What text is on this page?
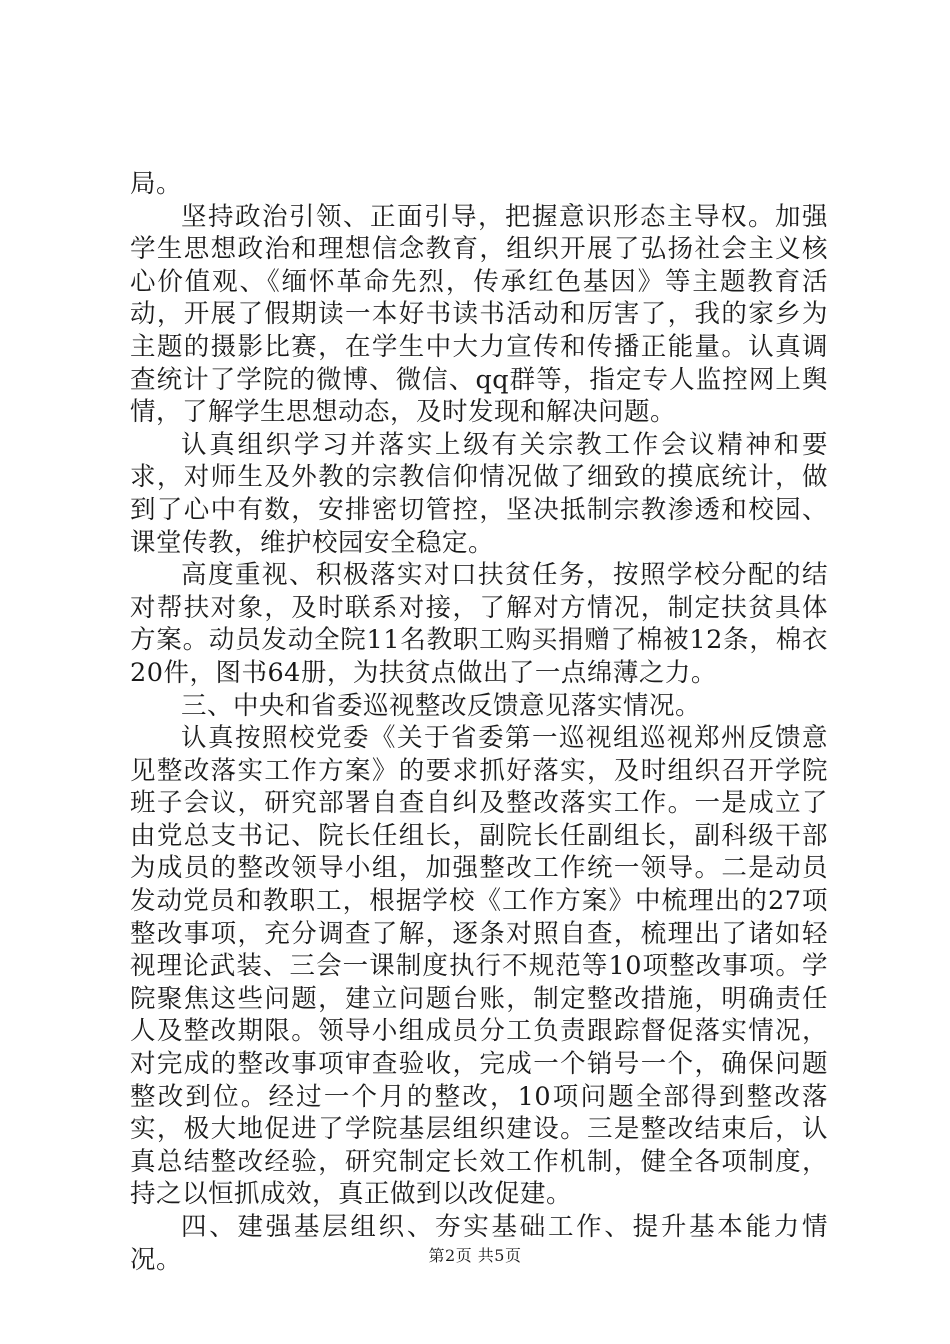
局。

坚持政治引领、正面引导，把握意识形态主导权。加强学生思想政治和理想信念教育，组织开展了弘扬社会主义核心价值观、《缅怀革命先烈，传承红色基因》等主题教育活动，开展了假期读一本好书读书活动和厉害了，我的家乡为主题的摄影比赛，在学生中大力宣传和传播正能量。认真调查统计了学院的微博、微信、qq群等，指定专人监控网上舆情，了解学生思想动态，及时发现和解决问题。

认真组织学习并落实上级有关宗教工作会议精神和要求，对师生及外教的宗教信仰情况做了细致的摸底统计，做到了心中有数，安排密切管控，坚决抵制宗教渗透和校园、课堂传教，维护校园安全稳定。

高度重视、积极落实对口扶贫任务，按照学校分配的结对帮扶对象，及时联系对接，了解对方情况，制定扶贫具体方案。动员发动全院11名教职工购买捐赠了棉被12条，棉衣20件，图书64册，为扶贫点做出了一点绵薄之力。

三、中央和省委巡视整改反馈意见落实情况。

认真按照校党委《关于省委第一巡视组巡视郑州反馈意见整改落实工作方案》的要求抓好落实，及时组织召开学院班子会议，研究部署自查自纠及整改落实工作。一是成立了由党总支书记、院长任组长，副院长任副组长，副科级干部为成员的整改领导小组，加强整改工作统一领导。二是动员发动党员和教职工，根据学校《工作方案》中梳理出的27项整改事项，充分调查了解，逐条对照自查，梳理出了诸如轻视理论武装、三会一课制度执行不规范等10项整改事项。学院聚焦这些问题，建立问题台账，制定整改措施，明确责任人及整改期限。领导小组成员分工负责跟踪督促落实情况，对完成的整改事项审查验收，完成一个销号一个，确保问题整改到位。经过一个月的整改，10项问题全部得到整改落实，极大地促进了学院基层组织建设。三是整改结束后，认真总结整改经验，研究制定长效工作机制，健全各项制度，持之以恒抓成效，真正做到以改促建。

四、建强基层组织、夯实基础工作、提升基本能力情况。	第2页 共5页
